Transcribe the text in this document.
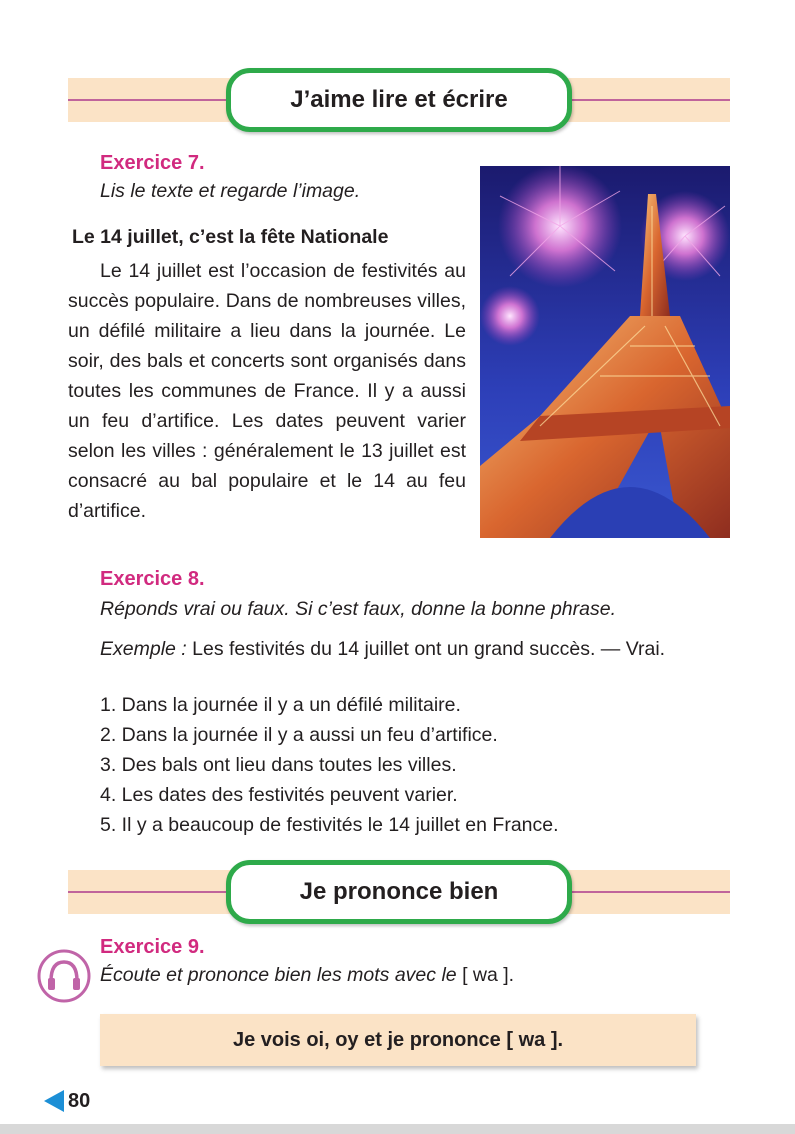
J’aime lire et écrire
Exercice 7.
Lis le texte et regarde l’image.
Le 14 juillet, c’est la fête Nationale
Le 14 juillet est l’occasion de festivités au succès populaire. Dans de nombreuses villes, un défilé militaire a lieu dans la journée. Le soir, des bals et concerts sont organisés dans toutes les communes de France. Il y a aussi un feu d’artifice. Les dates peuvent varier selon les villes : généralement le 13 juillet est consacré au bal populaire et le 14 au feu d’artifice.
Exercice 8.
Réponds vrai ou faux. Si c’est faux, donne la bonne phrase.
Exemple : Les festivités du 14 juillet ont un grand succès. — Vrai.
1. Dans la journée il y a un défilé militaire.
2. Dans la journée il y a aussi un feu d’artifice.
3. Des bals ont lieu dans toutes les villes.
4. Les dates des festivités peuvent varier.
5. Il y a beaucoup de festivités le 14 juillet en France.
Je prononce bien
Exercice 9.
Écoute et prononce bien les mots avec le [ wa ].
Je vois oi, oy et je prononce [ wa ].
80
